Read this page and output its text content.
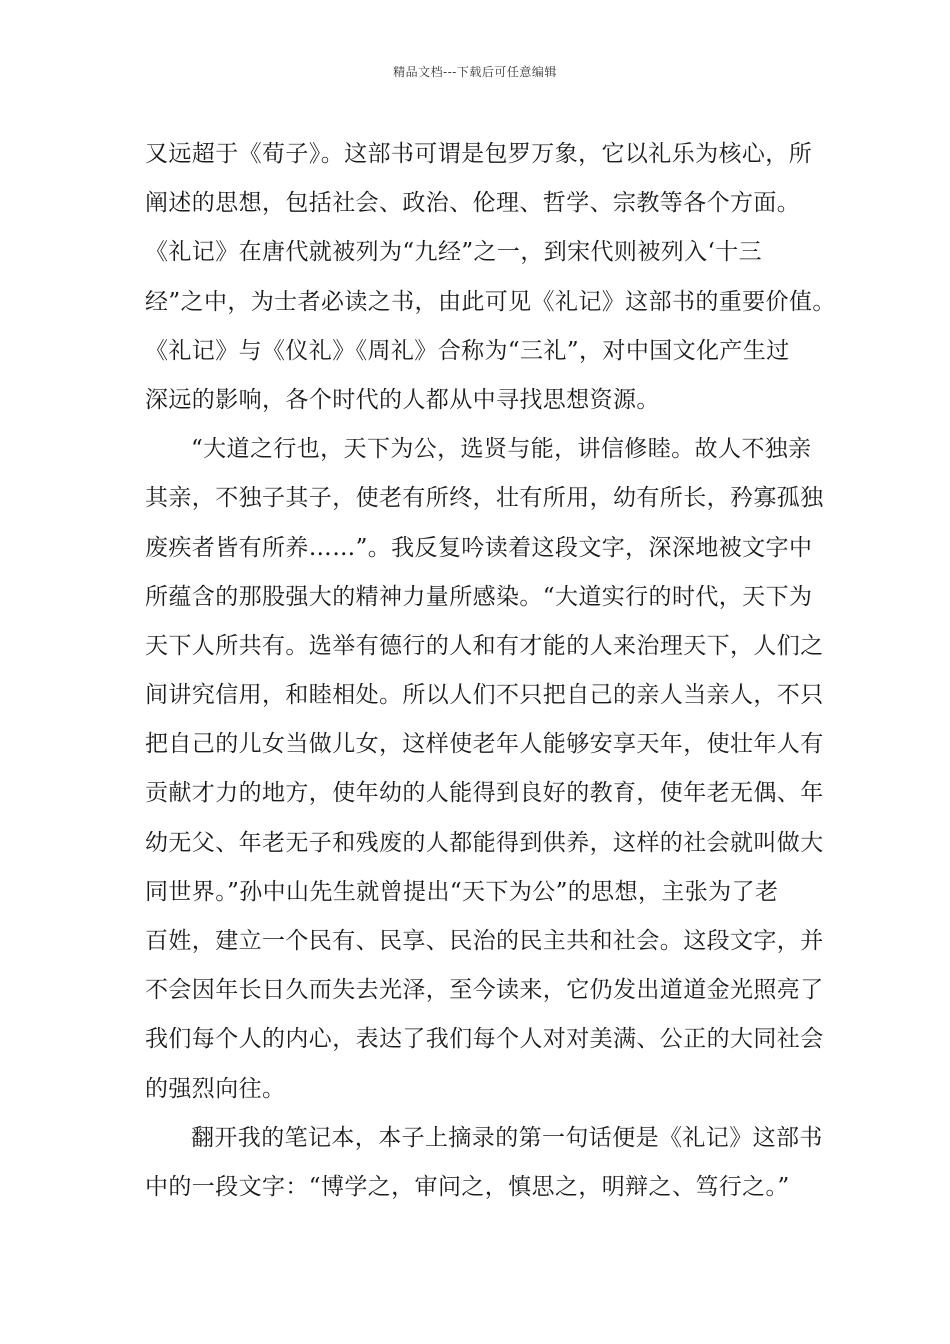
精品文档---下载后可任意编辑
又远超于《荀子》。这部书可谓是包罗万象，它以礼乐为核心，所
阐述的思想，包括社会、政治、伦理、哲学、宗教等各个方面。
《礼记》在唐代就被列为“九经”之一，到宋代则被列入‘十三
经”之中，为士者必读之书，由此可见《礼记》这部书的重要价值。
《礼记》与《仪礼》《周礼》合称为“三礼”，对中国文化产生过
深远的影响，各个时代的人都从中寻找思想资源。
“大道之行也，天下为公，选贤与能，讲信修睦。故人不独亲
其亲，不独子其子，使老有所终，壮有所用，幼有所长，矜寡孤独
废疾者皆有所养……”。我反复吟读着这段文字，深深地被文字中
所蕴含的那股强大的精神力量所感染。“大道实行的时代，天下为
天下人所共有。选举有德行的人和有才能的人来治理天下，人们之
间讲究信用，和睦相处。所以人们不只把自己的亲人当亲人，不只
把自己的儿女当做儿女，这样使老年人能够安享天年，使壮年人有
贡献才力的地方，使年幼的人能得到良好的教育，使年老无偶、年
幼无父、年老无子和残废的人都能得到供养，这样的社会就叫做大
同世界。”孙中山先生就曾提出“天下为公”的思想，主张为了老
百姓，建立一个民有、民享、民治的民主共和社会。这段文字，并
不会因年长日久而失去光泽，至今读来，它仍发出道道金光照亮了
我们每个人的内心，表达了我们每个人对对美满、公正的大同社会
的强烈向往。
翻开我的笔记本，本子上摘录的第一句话便是《礼记》这部书
中的一段文字：“博学之，审问之，慎思之，明辩之、笃行之。”
